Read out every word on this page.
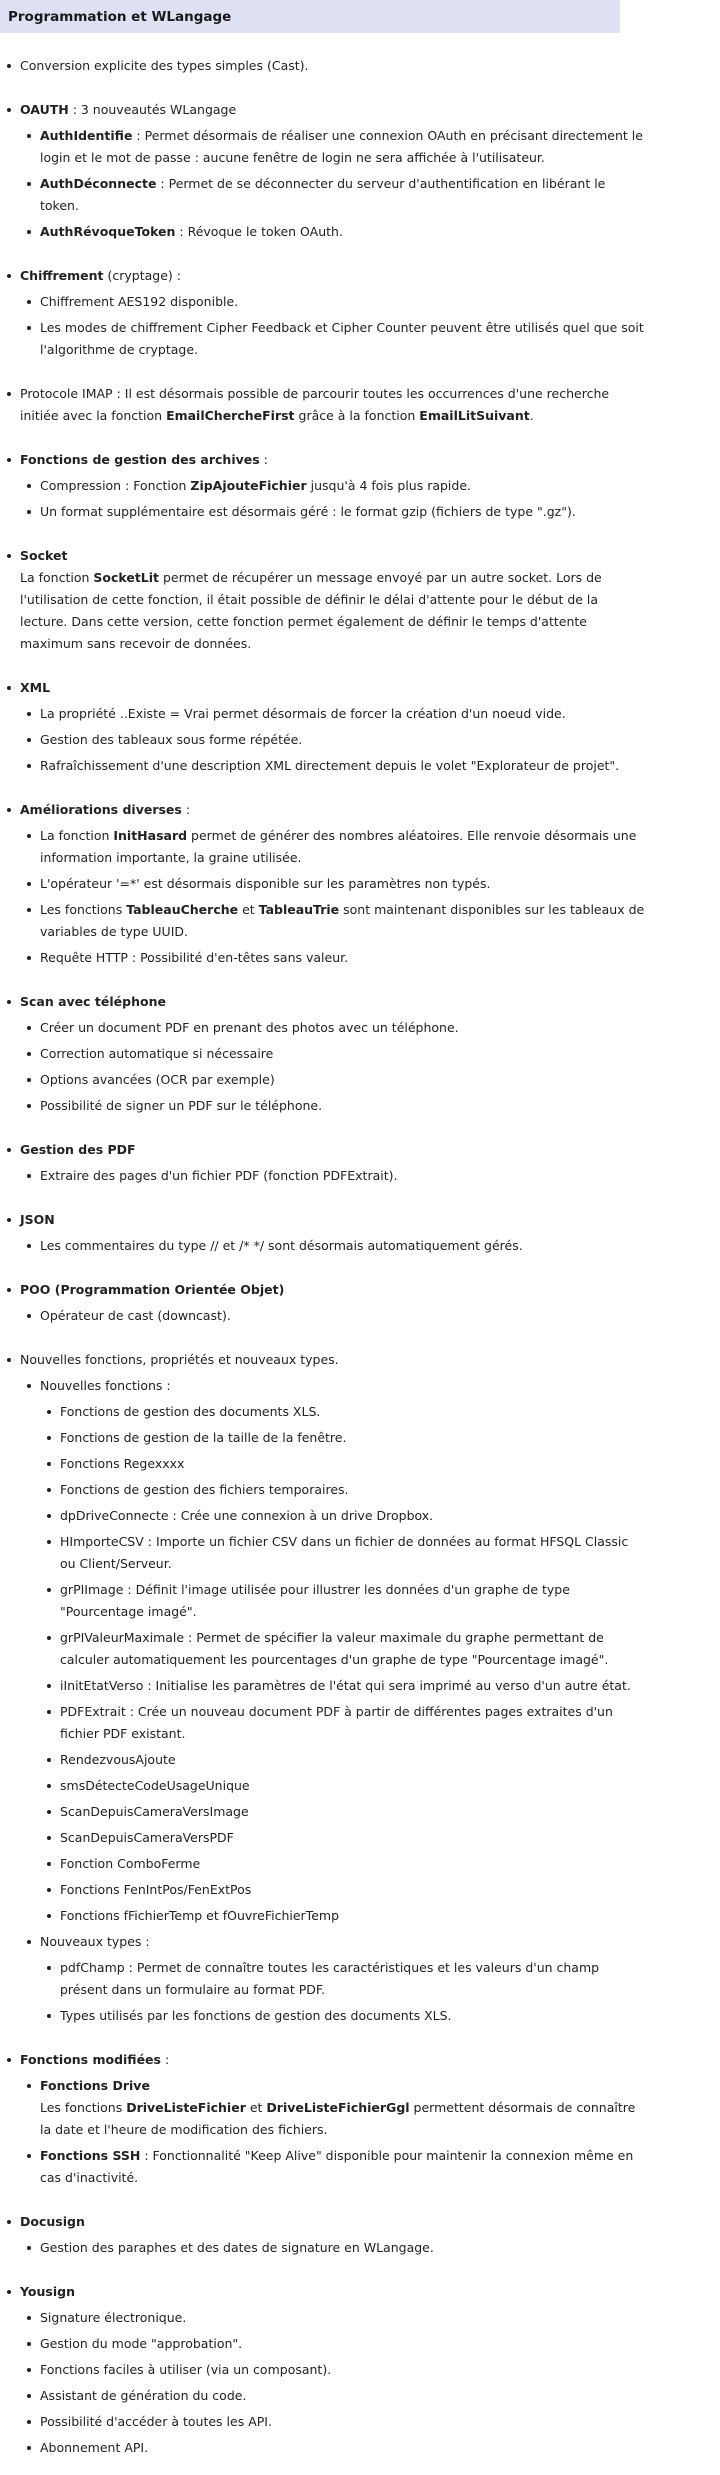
Programmation et WLangage
Conversion explicite des types simples (Cast).
OAUTH : 3 nouveautés WLangage
AuthIdentifie : Permet désormais de réaliser une connexion OAuth en précisant directement le login et le mot de passe : aucune fenêtre de login ne sera affichée à l'utilisateur.
AuthDéconnecte : Permet de se déconnecter du serveur d'authentification en libérant le token.
AuthRévoqueToken : Révoque le token OAuth.
Chiffrement (cryptage) :
Chiffrement AES192 disponible.
Les modes de chiffrement Cipher Feedback et Cipher Counter peuvent être utilisés quel que soit l'algorithme de cryptage.
Protocole IMAP : Il est désormais possible de parcourir toutes les occurrences d'une recherche initiée avec la fonction EmailChercheFirst grâce à la fonction EmailLitSuivant.
Fonctions de gestion des archives :
Compression : Fonction ZipAjouteFichier jusqu'à 4 fois plus rapide.
Un format supplémentaire est désormais géré : le format gzip (fichiers de type ".gz").
Socket
La fonction SocketLit permet de récupérer un message envoyé par un autre socket. Lors de l'utilisation de cette fonction, il était possible de définir le délai d'attente pour le début de la lecture. Dans cette version, cette fonction permet également de définir le temps d'attente maximum sans recevoir de données.
XML
La propriété ..Existe = Vrai permet désormais de forcer la création d'un noeud vide.
Gestion des tableaux sous forme répétée.
Rafraîchissement d'une description XML directement depuis le volet "Explorateur de projet".
Améliorations diverses :
La fonction InitHasard permet de générer des nombres aléatoires. Elle renvoie désormais une information importante, la graine utilisée.
L'opérateur '=*' est désormais disponible sur les paramètres non typés.
Les fonctions TableauCherche et TableauTrie sont maintenant disponibles sur les tableaux de variables de type UUID.
Requête HTTP : Possibilité d'en-têtes sans valeur.
Scan avec téléphone
Créer un document PDF en prenant des photos avec un téléphone.
Correction automatique si nécessaire
Options avancées (OCR par exemple)
Possibilité de signer un PDF sur le téléphone.
Gestion des PDF
Extraire des pages d'un fichier PDF (fonction PDFExtrait).
JSON
Les commentaires du type // et /* */ sont désormais automatiquement gérés.
POO (Programmation Orientée Objet)
Opérateur de cast (downcast).
Nouvelles fonctions, propriétés et nouveaux types.
Nouvelles fonctions :
Fonctions de gestion des documents XLS.
Fonctions de gestion de la taille de la fenêtre.
Fonctions Regexxxx
Fonctions de gestion des fichiers temporaires.
dpDriveConnecte : Crée une connexion à un drive Dropbox.
HImporteCSV : Importe un fichier CSV dans un fichier de données au format HFSQL Classic ou Client/Serveur.
grPIImage : Définit l'image utilisée pour illustrer les données d'un graphe de type "Pourcentage imagé".
grPIValeurMaximale : Permet de spécifier la valeur maximale du graphe permettant de calculer automatiquement les pourcentages d'un graphe de type "Pourcentage imagé".
iInitEtatVerso : Initialise les paramètres de l'état qui sera imprimé au verso d'un autre état.
PDFExtrait : Crée un nouveau document PDF à partir de différentes pages extraites d'un fichier PDF existant.
RendezvousAjoute
smsDétecteCodeUsageUnique
ScanDepuisCameraVersImage
ScanDepuisCameraVersPDF
Fonction ComboFerme
Fonctions FenIntPos/FenExtPos
Fonctions fFichierTemp et fOuvreFichierTemp
Nouveaux types :
pdfChamp : Permet de connaître toutes les caractéristiques et les valeurs d'un champ présent dans un formulaire au format PDF.
Types utilisés par les fonctions de gestion des documents XLS.
Fonctions modifiées :
Fonctions Drive
Les fonctions DriveListeFichier et DriveListeFichierGgl permettent désormais de connaître la date et l'heure de modification des fichiers.
Fonctions SSH : Fonctionnalité "Keep Alive" disponible pour maintenir la connexion même en cas d'inactivité.
Docusign
Gestion des paraphes et des dates de signature en WLangage.
Yousign
Signature électronique.
Gestion du mode "approbation".
Fonctions faciles à utiliser (via un composant).
Assistant de génération du code.
Possibilité d'accéder à toutes les API.
Abonnement API.
